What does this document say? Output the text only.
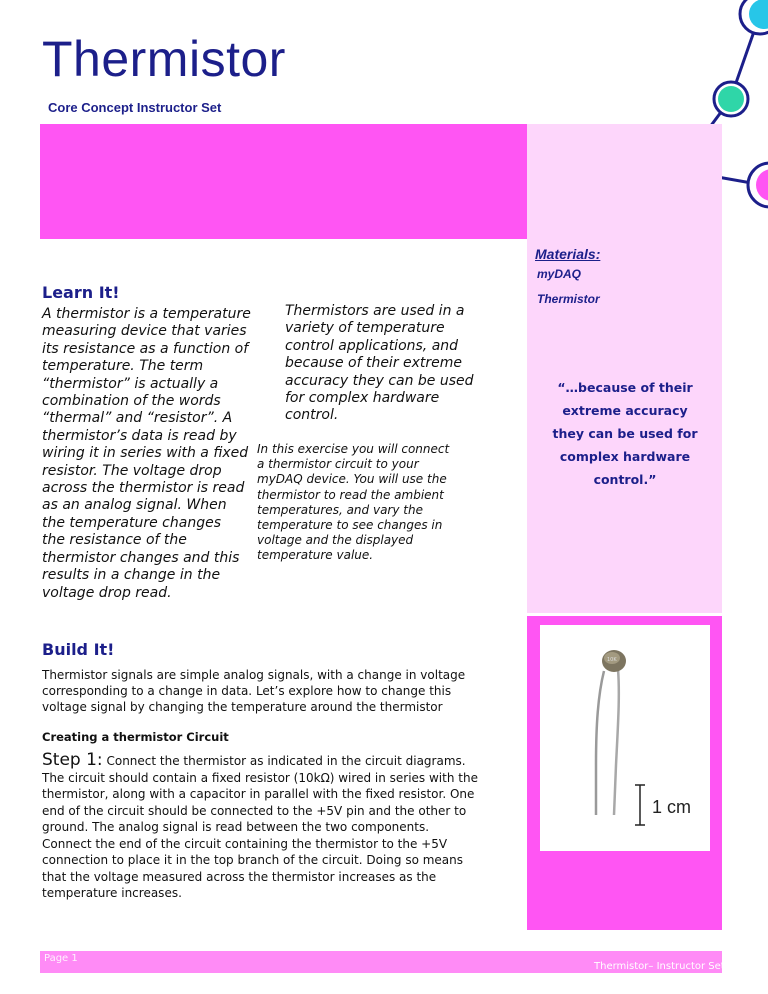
Thermistor
Core Concept Instructor Set
Materials:
myDAQ
Thermistor
“…because of their
extreme accuracy
they can be used for
complex hardware
control.”
Learn It!
A thermistor is a temperature
measuring device that varies
its resistance as a function of
temperature. The term
“thermistor” is actually a
combination of the words
“thermal” and “resistor”. A
thermistor’s data is read by
wiring it in series with a fixed
resistor. The voltage drop
across the thermistor is read
as an analog signal. When
the temperature changes
the resistance of the
thermistor changes and this
results in a change in the
voltage drop read.
Thermistors are used in a
variety of temperature
control applications, and
because of their extreme
accuracy they can be used
for complex hardware
control.
In this exercise you will connect
a thermistor circuit to your
myDAQ device. You will use the
thermistor to read the ambient
temperatures, and vary the
temperature to see changes in
voltage and the displayed
temperature value.
10K
1 cm
Build It!
Thermistor signals are simple analog signals, with a change in voltage
corresponding to a change in data. Let’s explore how to change this
voltage signal by changing the temperature around the thermistor
Creating a thermistor Circuit
Step 1: Connect the thermistor as indicated in the circuit diagrams.
The circuit should contain a fixed resistor (10kΩ) wired in series with the
thermistor, along with a capacitor in parallel with the fixed resistor. One
end of the circuit should be connected to the +5V pin and the other to
ground. The analog signal is read between the two components.
Connect the end of the circuit containing the thermistor to the +5V
connection to place it in the top branch of the circuit. Doing so means
that the voltage measured across the thermistor increases as the
temperature increases.
Page 1
Thermistor– Instructor Set
